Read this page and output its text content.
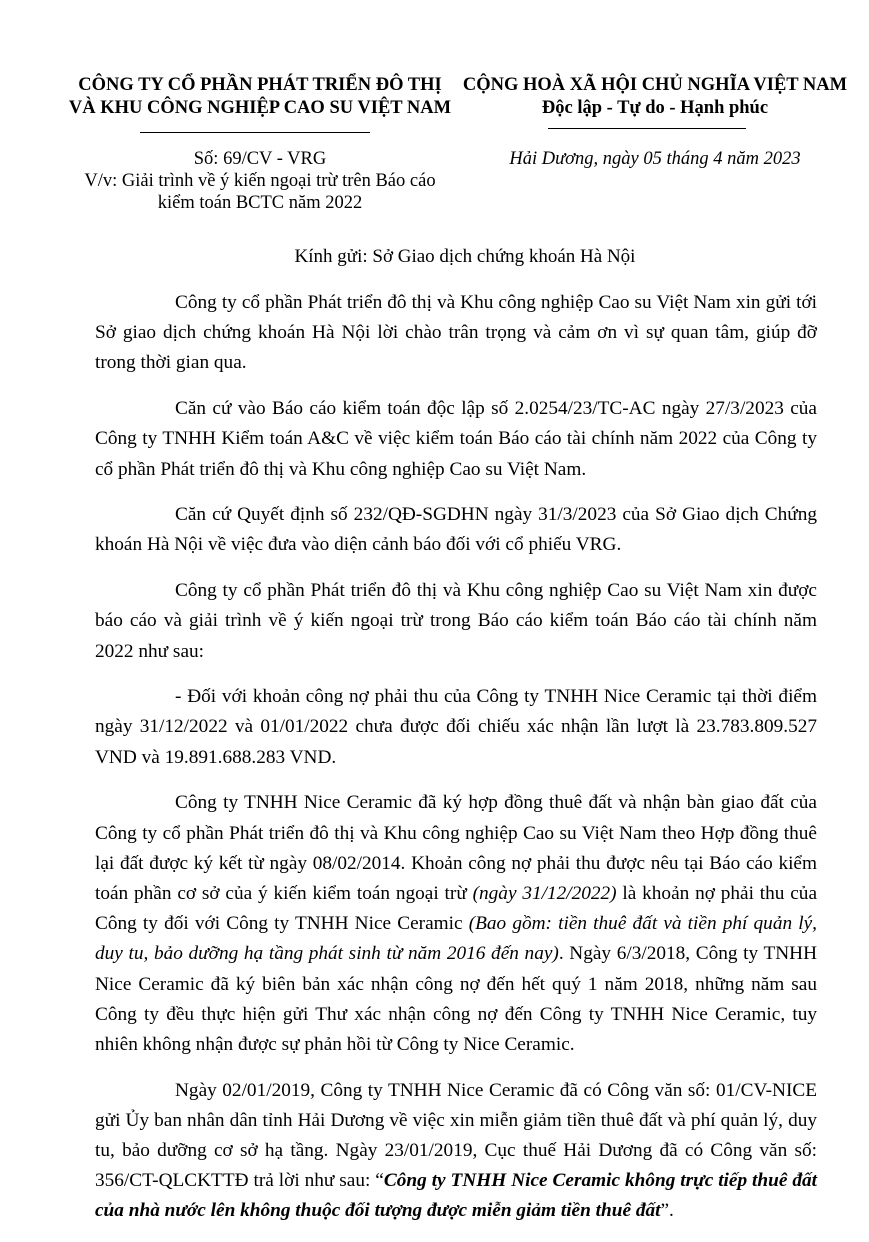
CÔNG TY CỔ PHẦN PHÁT TRIỂN ĐÔ THỊ
VÀ KHU CÔNG NGHIỆP CAO SU VIỆT NAM
CỘNG HOÀ XÃ HỘI CHỦ NGHĨA VIỆT NAM
Độc lập - Tự do - Hạnh phúc
Số: 69/CV - VRG
V/v: Giải trình về ý kiến ngoại trừ trên Báo cáo
kiểm toán BCTC năm 2022
Hải Dương, ngày 05 tháng 4 năm 2023
Kính gửi: Sở Giao dịch chứng khoán Hà Nội

Công ty cổ phần Phát triển đô thị và Khu công nghiệp Cao su Việt Nam xin gửi tới Sở giao dịch chứng khoán Hà Nội lời chào trân trọng và cảm ơn vì sự quan tâm, giúp đỡ trong thời gian qua.

Căn cứ vào Báo cáo kiểm toán độc lập số 2.0254/23/TC-AC ngày 27/3/2023 của Công ty TNHH Kiểm toán A&C về việc kiểm toán Báo cáo tài chính năm 2022 của Công ty cổ phần Phát triển đô thị và Khu công nghiệp Cao su Việt Nam.

Căn cứ Quyết định số 232/QĐ-SGDHN ngày 31/3/2023 của Sở Giao dịch Chứng khoán Hà Nội về việc đưa vào diện cảnh báo đối với cổ phiếu VRG.

Công ty cổ phần Phát triển đô thị và Khu công nghiệp Cao su Việt Nam xin được báo cáo và giải trình về ý kiến ngoại trừ trong Báo cáo kiểm toán Báo cáo tài chính năm 2022 như sau:

- Đối với khoản công nợ phải thu của Công ty TNHH Nice Ceramic tại thời điểm ngày 31/12/2022 và 01/01/2022 chưa được đối chiếu xác nhận lần lượt là 23.783.809.527 VND và 19.891.688.283 VND.

Công ty TNHH Nice Ceramic đã ký hợp đồng thuê đất và nhận bàn giao đất của Công ty cổ phần Phát triển đô thị và Khu công nghiệp Cao su Việt Nam theo Hợp đồng thuê lại đất được ký kết từ ngày 08/02/2014. Khoản công nợ phải thu được nêu tại Báo cáo kiểm toán phần cơ sở của ý kiến kiểm toán ngoại trừ (ngày 31/12/2022) là khoản nợ phải thu của Công ty đối với Công ty TNHH Nice Ceramic (Bao gồm: tiền thuê đất và tiền phí quản lý, duy tu, bảo dưỡng hạ tầng phát sinh từ năm 2016 đến nay). Ngày 6/3/2018, Công ty TNHH Nice Ceramic đã ký biên bản xác nhận công nợ đến hết quý 1 năm 2018, những năm sau Công ty đều thực hiện gửi Thư xác nhận công nợ đến Công ty TNHH Nice Ceramic, tuy nhiên không nhận được sự phản hồi từ Công ty Nice Ceramic.

Ngày 02/01/2019, Công ty TNHH Nice Ceramic đã có Công văn số: 01/CV-NICE gửi Ủy ban nhân dân tỉnh Hải Dương về việc xin miễn giảm tiền thuê đất và phí quản lý, duy tu, bảo dưỡng cơ sở hạ tầng. Ngày 23/01/2019, Cục thuế Hải Dương đã có Công văn số: 356/CT-QLCKTTĐ trả lời như sau: “Công ty TNHH Nice Ceramic không trực tiếp thuê đất của nhà nước lên không thuộc đối tượng được miễn giảm tiền thuê đất”.
